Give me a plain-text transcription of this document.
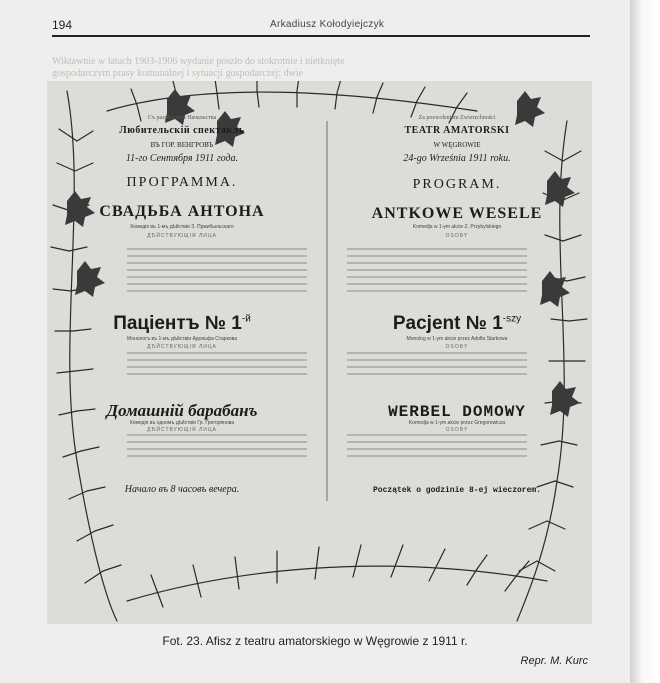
194	Arkadiusz Kołodyiejczyk
Wiktawnie w latach 1903-1906 wydanie poszło do stokrotnie i nietknięte
gospodarczym prasy komunalnej i sytuacji gospodarczej: dwie
Съ разрѣшенія Начальства
Любительскій спектакль
ВЪ ГОР. ВЕНГРОВЪ
11-го Сентября 1911 года.
ПРОГРАММА.
СВАДЬБА АНТОНА
Комедія въ 1-мъ дѣйствіи З. Пржибыльскаго
ДѢЙСТВУЮЩІЯ ЛИЦА
Паціентъ № $1^{-й}$
Монологъ въ 1-мъ дѣйствіи Адольфа Старкова
ДѢЙСТВУЮЩІЯ ЛИЦА
Домашній барабанъ
Комедія въ одномъ дѣйствіи Гр. Грегорянова
ДѢЙСТВУЮЩІЯ ЛИЦА
Начало въ 8 часовъ вечера.
Za pozwoleniem Zwierzchności
TEATR AMATORSKI
W WĘGROWIE
24-go Września 1911 roku.
PROGRAM.
ANTKOWE WESELE
Komedja w 1-ym akcie Z. Przybylskiego
OSOBY
Pacjent № $1^{-szy}$
Monolog w 1-ym akcie przez Adolfa Starkowa
OSOBY
WERBEL DOMOWY
Komedja w 1-ym akcie przez Gregorowicza
OSOBY
Początek o godzinie 8-ej wieczorem.
Fot. 23. Afisz z teatru amatorskiego w Węgrowie z 1911 r.
Repr. M. Kurc
